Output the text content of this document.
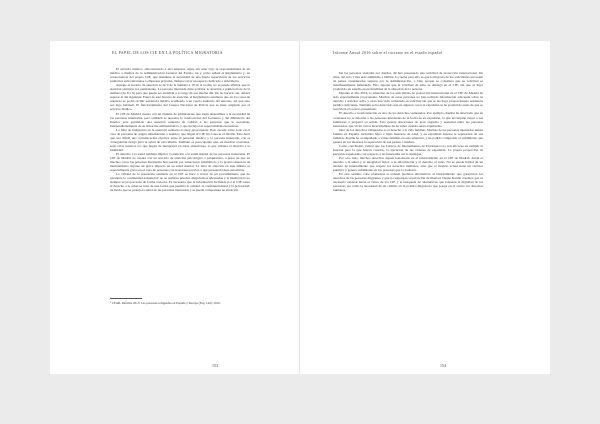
EL PAPEL DE LOS CIE EN LA POLÍTICA MIGRATORIA

El servicio médico, subcontratado a una empresa, sigue sin estar bajo la responsabilidad de un médico o médica de la Administración General del Estado, tal y como señala el Reglamento y, en consecuencia del propio CIE, que mantiene la necesidad de una fuerte supervisión de los servicios sanitarios subcontratados a empresas privadas. Tampoco hay un espacio dedicado a enfermería.

Aunque el horario de atención es de 9 de la mañana a 10 de la noche, no se puede afirmar que la atención sanitaria sea permanente. La persona internada debe solicitar la atención a primera hora de la mañana (de 8 a 9) para que pueda ser atendida a lo largo de esa misma día. De no hacerlo así, deberá esperar al día siguiente. Fuera de este horario de atención, el Reglamento establece que en los casos de urgencia se podrá recibir asistencia médica acudiendo a un centro sanitario del entorno, sin que esto sea algo habitual. El funcionamiento del Cuerpo Nacional de Policía que se tiene asignado por el servicio médico.

El CIE de Madrid cuenta con un sistema de ambulancias que están disponibles a la necesidad de las personas internadas, pero también se necesita la colaboración del Gobierno y del Ministerio del Interior para garantizar una atención sanitaria de calidad a las personas que lo necesitan, independientemente de su situación administrativa, y que incluya las especialidades necesarias.

La falta de intérpretes en la atención sanitaria es muy preocupante. Esto sucede sobre todo en el caso de personas de origen subsahariano o asiático, que llegan al CIE sin conocer el idioma. Esto hace que sea difícil una comunicación efectiva entre el personal médico y la persona internada, con el consiguiente riesgo para la salud de esta última. También es preocupante que, en muchas ocasiones, sean otros internos los que hagan de intérpretes en estas situaciones, lo que vulnera el derecho a la intimidad.

El derecho a la salud también implica la atención a la salud mental de las personas internadas. El CIE de Madrid no cuenta con un servicio de atención psicológica o psiquiátrica, a pesar de que en muchos casos las personas internadas han pasado por situaciones traumáticas y la propia situación de internamiento supone un grave impacto en su salud mental. La falta de atención en este ámbito es especialmente grave en el caso de personas con trastornos previos o que presentan ideas autolíticas.

La calidad de la prestación sanitaria en el CIE se hace a través de un procedimiento que no garantiza la continuidad asistencial; no se realizan pruebas diagnósticas adecuadas y la medicación no siempre se proporciona de forma correcta. Es necesario que la información facilitada por el CIE sobre el derecho a la salud se trate de una forma que permita la calidad, la confidencialidad y la privacidad, de modo que se proteja la salud de las personas internadas y se pueda comprender su situación.

¹ CEAR. Informe 2015: Las personas refugiadas en España y Europa (Pag. 144). 2016.
153
Informe Anual 2016 sobre el racismo en el estado español

De las personas visitadas por Karibu, 49 han presentado una solicitud de protección internacional. De ellas, tan solo 1 han sido admitidas a trámite. La razón para ello es que la mayoría de los solicitantes proceden de países considerados seguros por la Administración, o bien porque se considera que su solicitud es manifiestamente infundada. Esto supone que la solicitud de asilo se deniega en el CIE, sin que se haya producido un estudio en profundidad de la situación de la persona.

Durante el año 2016, la situación de los solicitantes de protección internacional en el CIE de Madrid ha sido especialmente preocupante. Muchas de estas personas no han recibido información adecuada sobre su derecho a solicitar asilo, y otras han visto rechazada su solicitud sin que se les haya proporcionado asistencia jurídica suficiente. También se ha detectado que en algunos casos la expulsión se ha producido antes de que se resolviera el recurso presentado.

El derecho a la información es otro de los derechos vulnerados. Por ejemplo, Karibu ha detectado que en ocasiones no se informa a las personas internadas de la fecha de su expulsión, lo que les impide avisar a sus familiares o preparar su salida. Esto genera situaciones de gran angustia y ansiedad entre las personas internadas, que viven con la incertidumbre de no saber cuándo serán expulsadas.

Otro de los derechos vulnerados es el derecho a la vida familiar. Muchas de las personas internadas tienen familia en España, incluidos hijos e hijas menores de edad, y su expulsión supone la separación de sus familias. Karibu ha acompañado a varias familias en esta situación, y ha podido comprobar el sufrimiento que genera en los menores la separación de sus padres o madres.

Como conclusión, vemos que los Centros de Internamiento de Extranjeros no son eficaces en cumplir la función para la que fueron creados, la ejecución de las órdenes de expulsión. La propia proporción de personas expulsadas con respecto a las internadas así lo atestigua.

Por otro lado, muchos derechos siguen lesionados en el internamiento en el CIE de Madrid, desde el derecho a la salud y la integridad física, a la información y al derecho al asilo. No se puede hablar de un modelo de internamiento que respete los derechos humanos, sino que el modelo actual tiene un carácter punitivo y genera sufrimiento en las personas que lo padecen.

En este sentido, cabe plantearse si existen modelos alternativos al internamiento que garanticen los derechos de las personas migrantes y que no supongan su privación de libertad. Desde Karibu creemos que es necesario avanzar hacia el cierre de los CIE y la búsqueda de alternativas que respeten la dignidad de las personas, así como la necesidad de un cambio en la política migratoria que ponga en el centro los derechos humanos.

154
